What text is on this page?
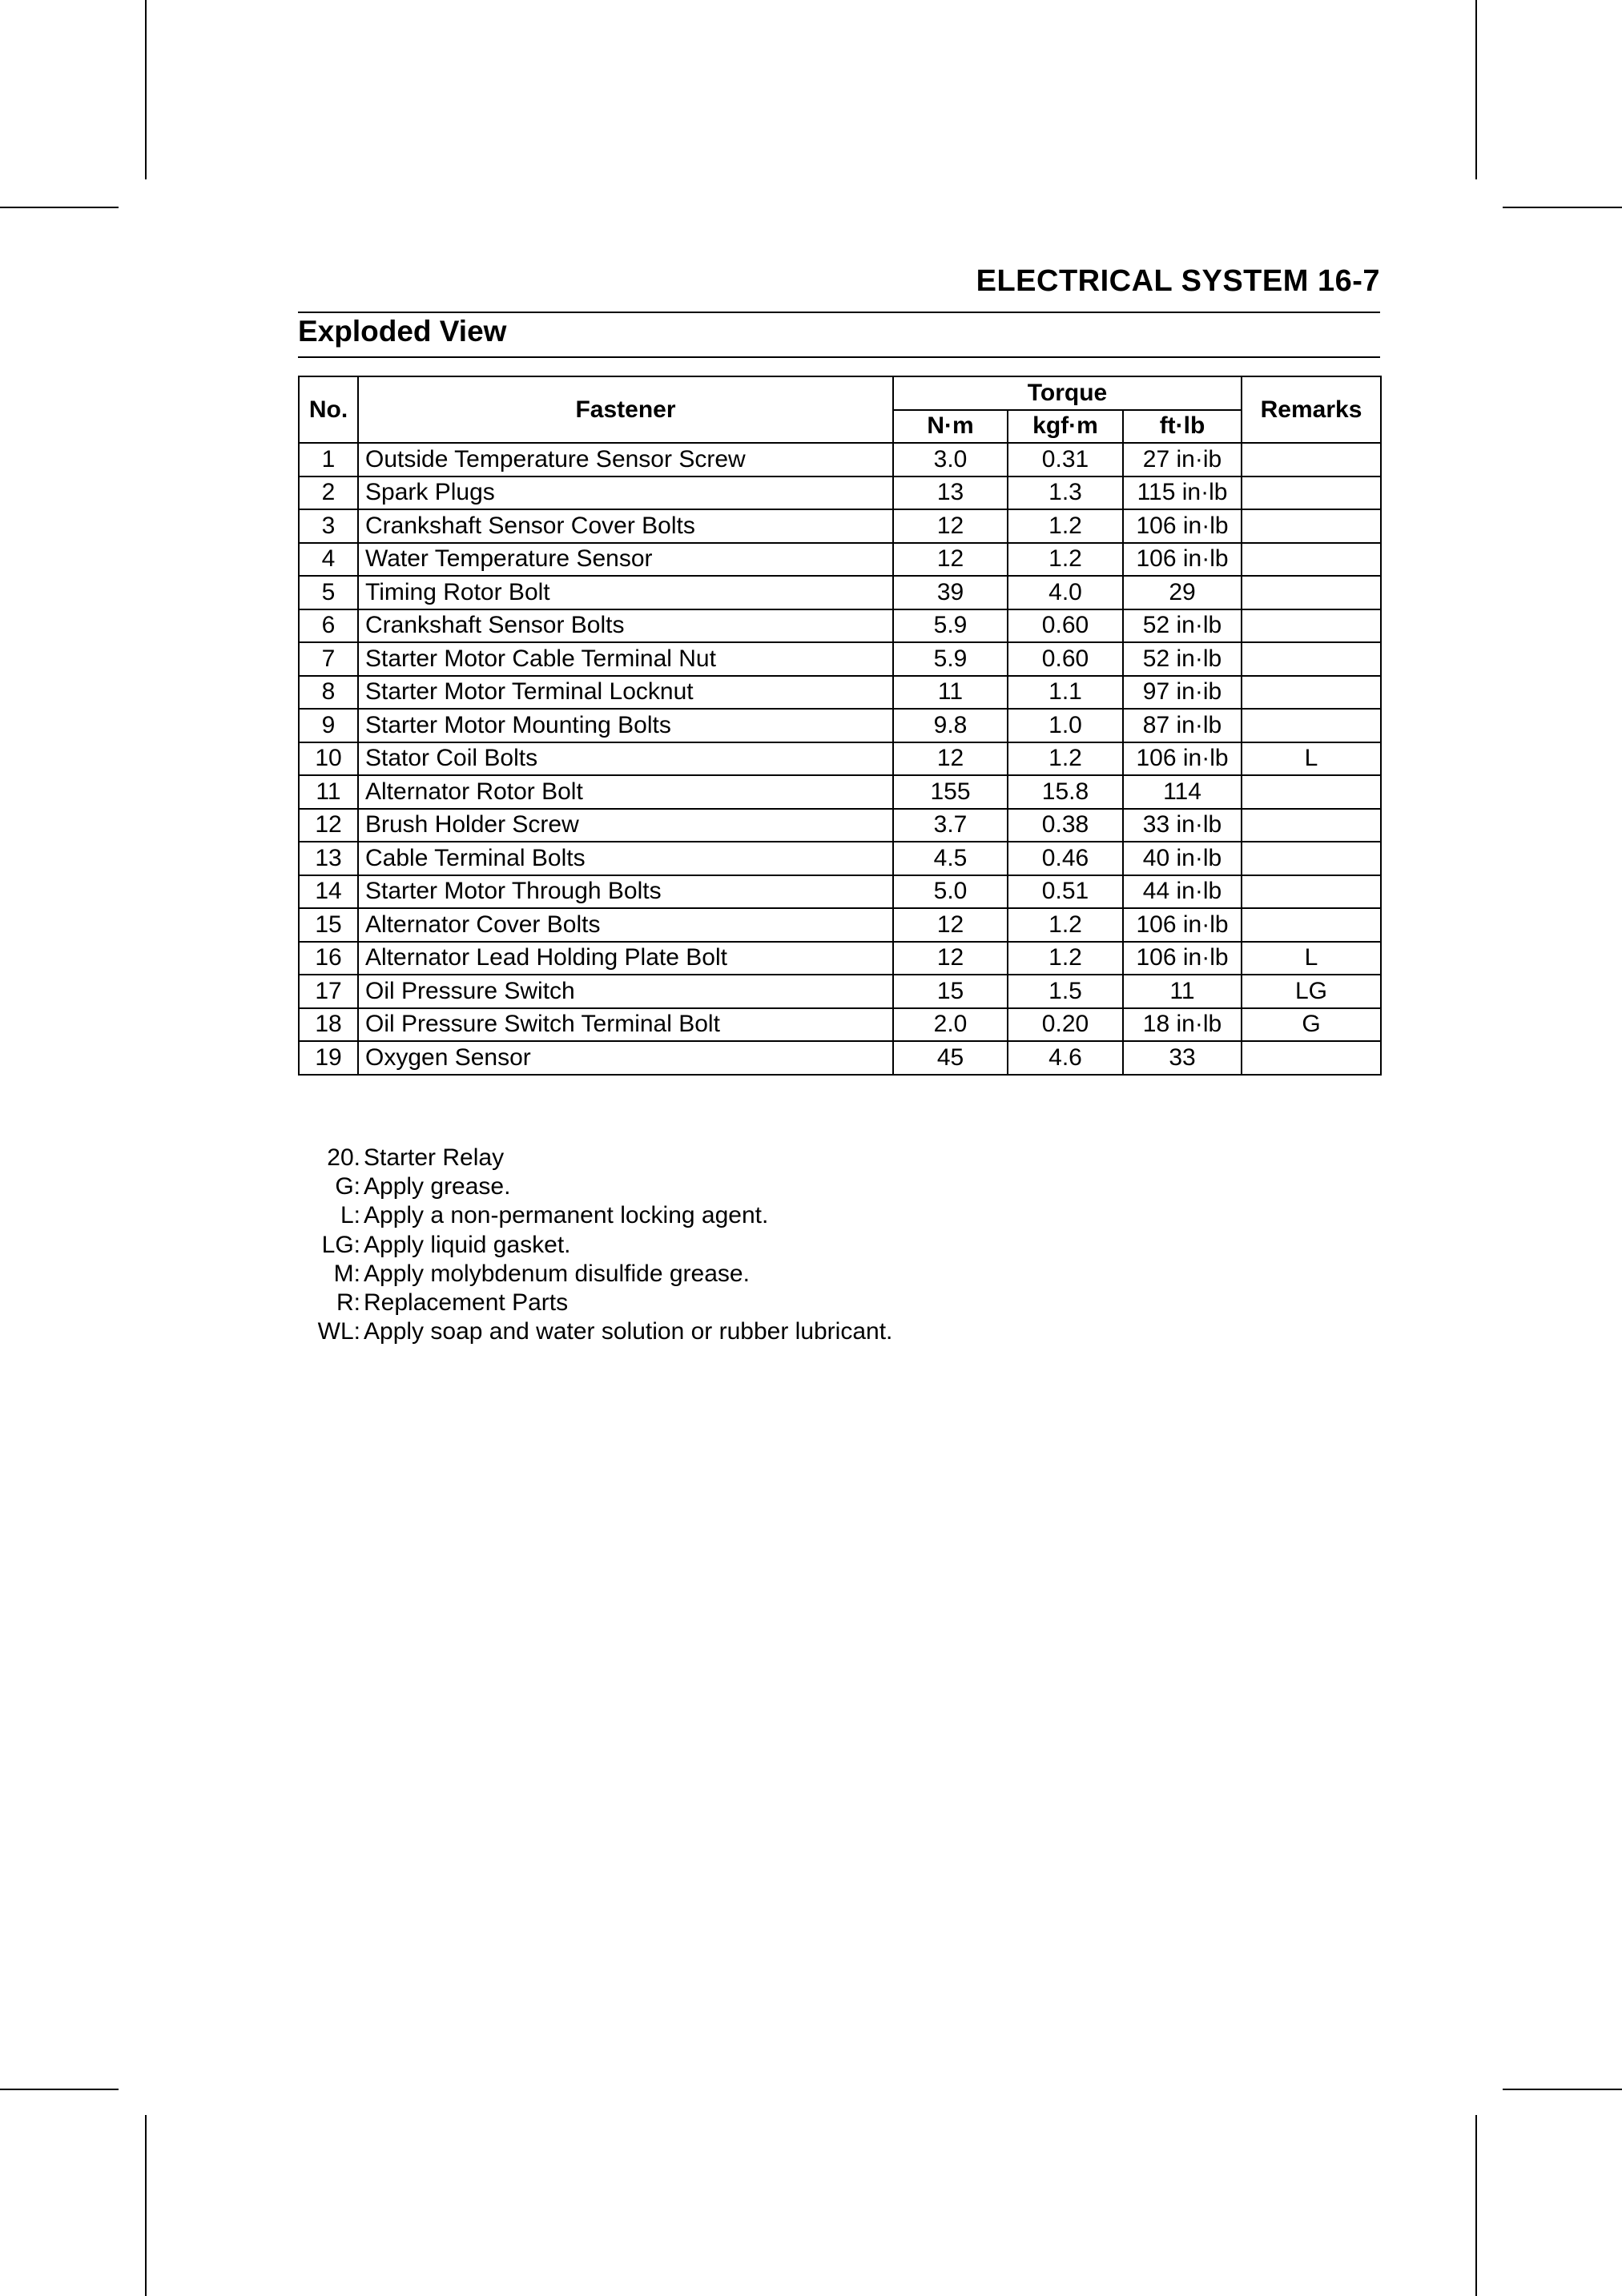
ELECTRICAL SYSTEM 16-7
Exploded View
No.	Fastener	Torque			Remarks
		N·m	kgf·m	ft·lb	
1	Outside Temperature Sensor Screw	3.0	0.31	27 in·ib	
2	Spark Plugs	13	1.3	115 in·lb	
3	Crankshaft Sensor Cover Bolts	12	1.2	106 in·lb	
4	Water Temperature Sensor	12	1.2	106 in·lb	
5	Timing Rotor Bolt	39	4.0	29	
6	Crankshaft Sensor Bolts	5.9	0.60	52 in·lb	
7	Starter Motor Cable Terminal Nut	5.9	0.60	52 in·lb	
8	Starter Motor Terminal Locknut	11	1.1	97 in·ib	
9	Starter Motor Mounting Bolts	9.8	1.0	87 in·lb	
10	Stator Coil Bolts	12	1.2	106 in·lb	L
11	Alternator Rotor Bolt	155	15.8	114	
12	Brush Holder Screw	3.7	0.38	33 in·lb	
13	Cable Terminal Bolts	4.5	0.46	40 in·lb	
14	Starter Motor Through Bolts	5.0	0.51	44 in·lb	
15	Alternator Cover Bolts	12	1.2	106 in·lb	
16	Alternator Lead Holding Plate Bolt	12	1.2	106 in·lb	L
17	Oil Pressure Switch	15	1.5	11	LG
18	Oil Pressure Switch Terminal Bolt	2.0	0.20	18 in·lb	G
19	Oxygen Sensor	45	4.6	33	
20. Starter Relay
G: Apply grease.
L: Apply a non-permanent locking agent.
LG: Apply liquid gasket.
M: Apply molybdenum disulfide grease.
R: Replacement Parts
WL: Apply soap and water solution or rubber lubricant.
